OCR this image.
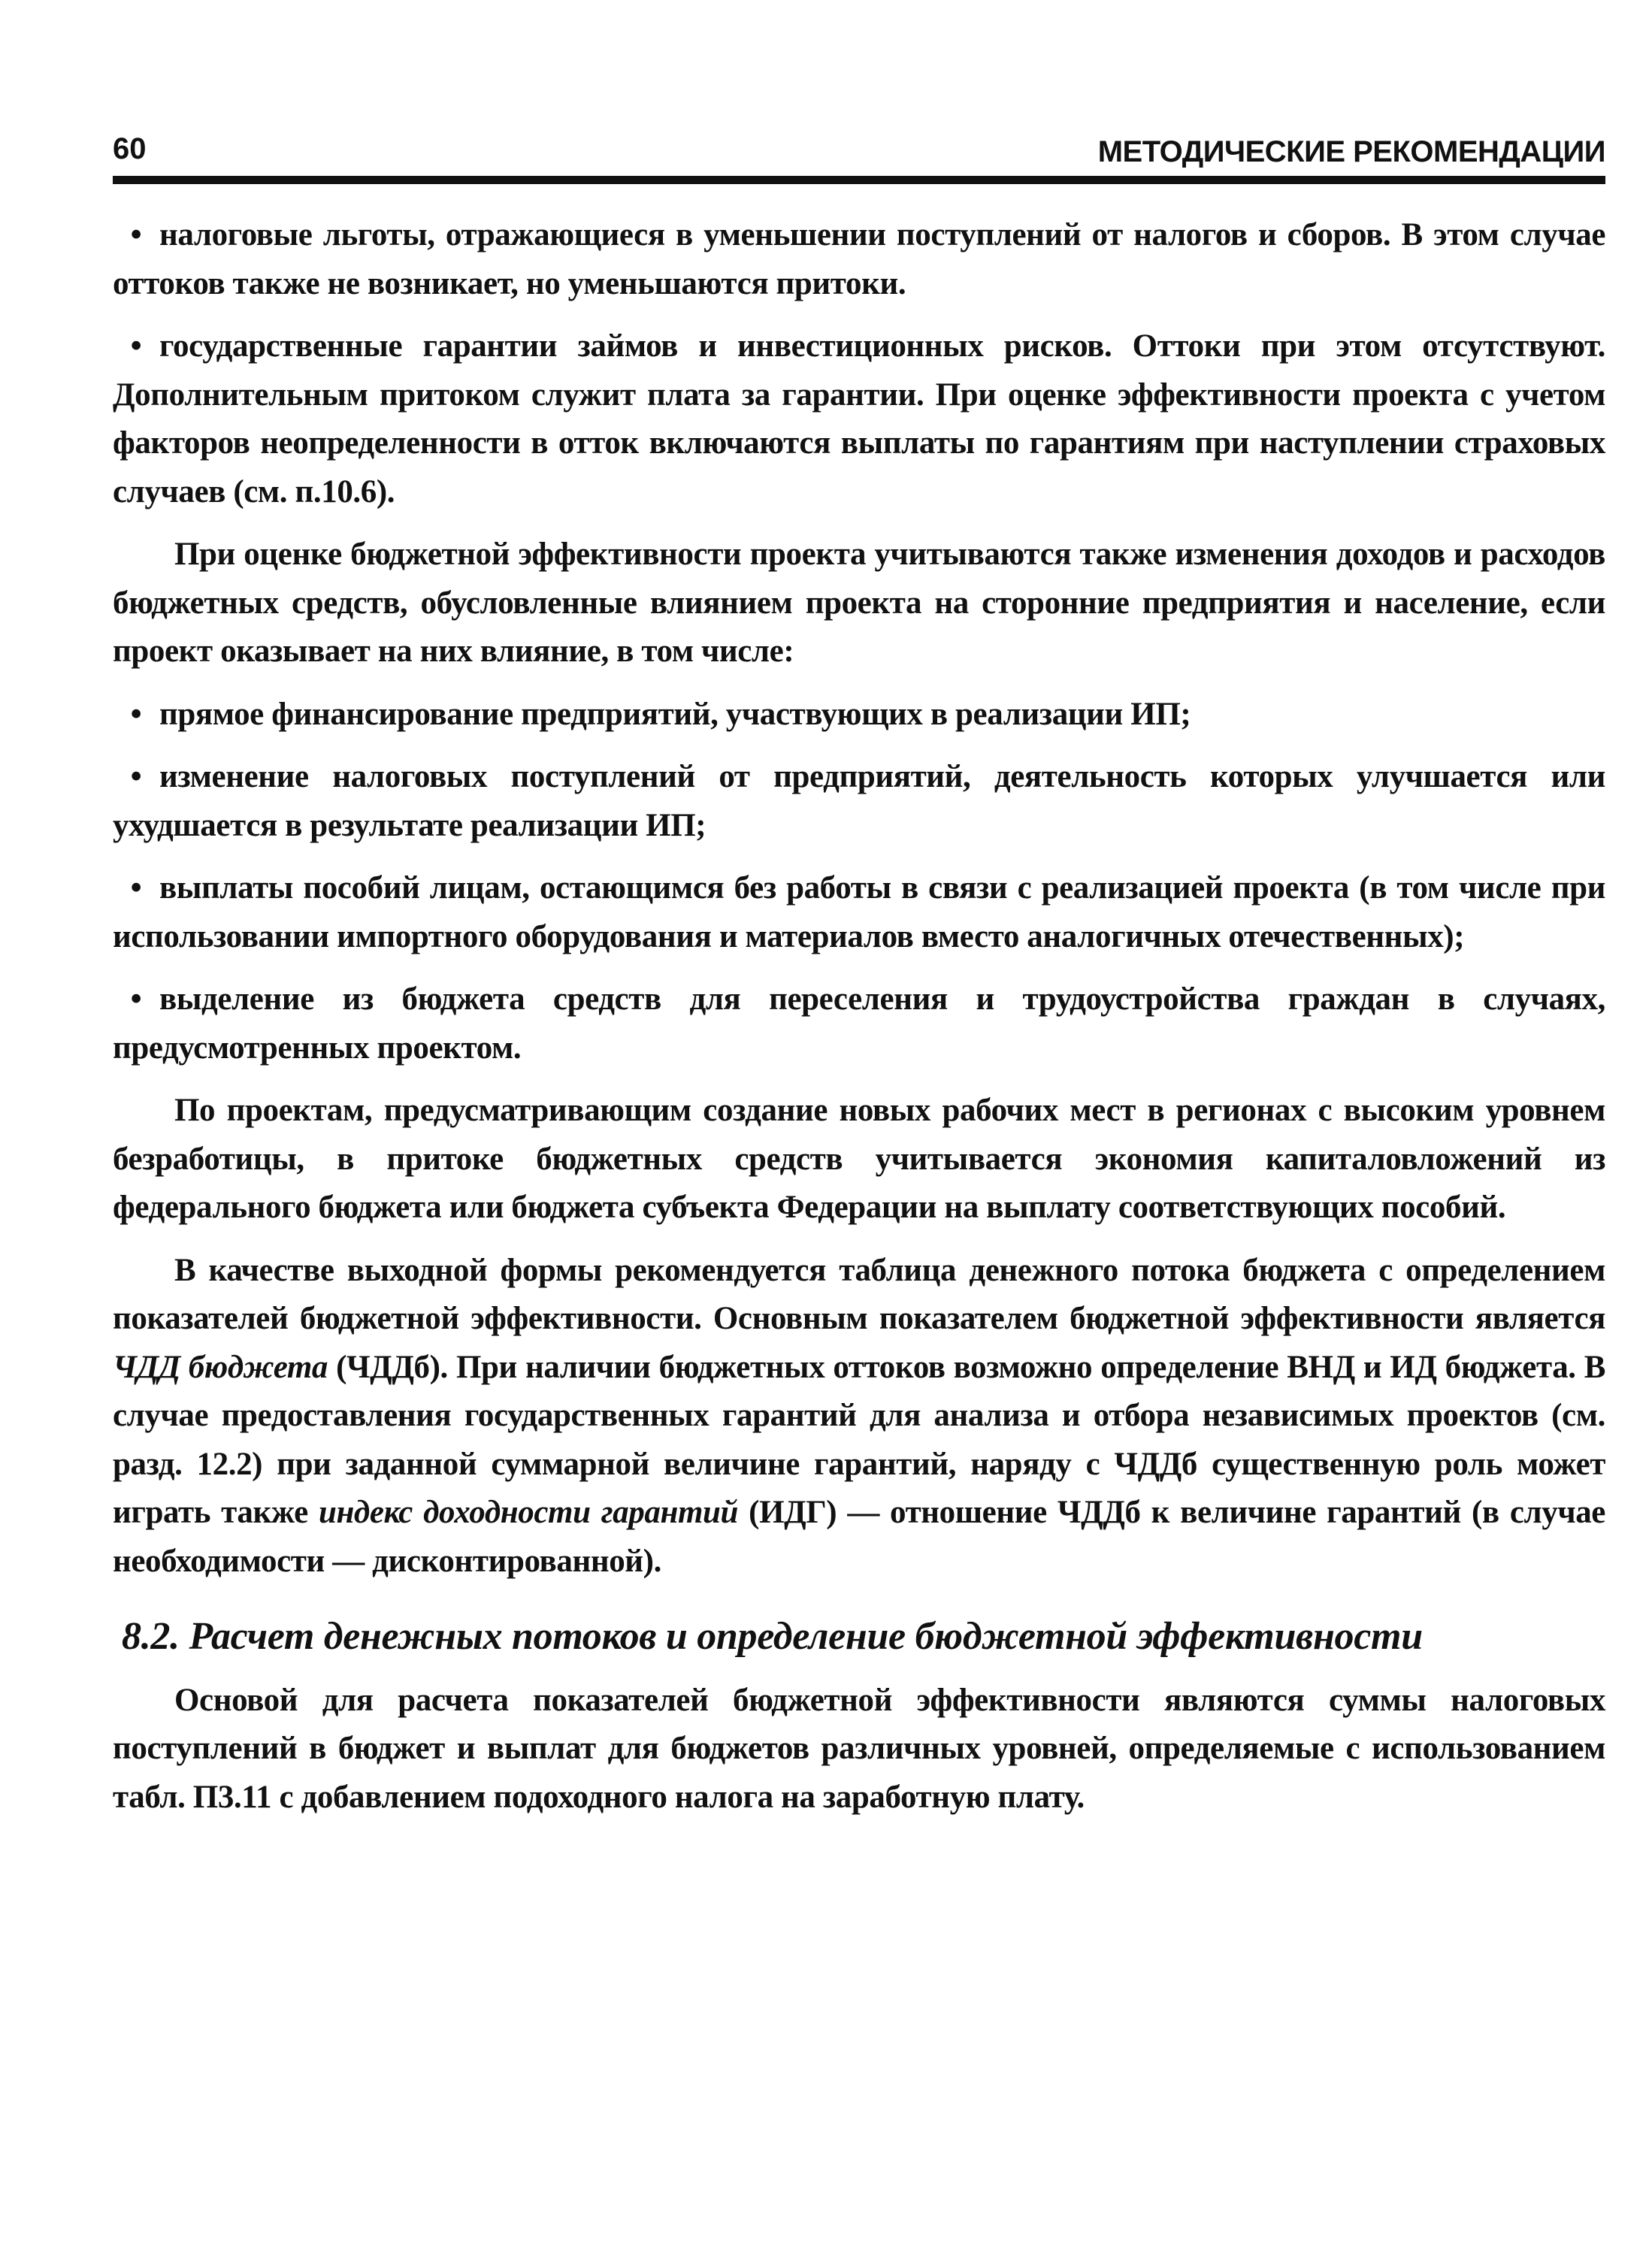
60	МЕТОДИЧЕСКИЕ РЕКОМЕНДАЦИИ

• налоговые льготы, отражающиеся в уменьшении поступлений от налогов и сборов. В этом случае оттоков также не возникает, но уменьшаются притоки.

• государственные гарантии займов и инвестиционных рисков. Оттоки при этом отсутствуют. Дополнительным притоком служит плата за гарантии. При оценке эффективности проекта с учетом факторов неопределенности в отток включаются выплаты по гарантиям при наступлении страховых случаев (см. п.10.6).

При оценке бюджетной эффективности проекта учитываются также изменения доходов и расходов бюджетных средств, обусловленные влиянием проекта на сторонние предприятия и население, если проект оказывает на них влияние, в том числе:

• прямое финансирование предприятий, участвующих в реализации ИП;

• изменение налоговых поступлений от предприятий, деятельность которых улучшается или ухудшается в результате реализации ИП;

• выплаты пособий лицам, остающимся без работы в связи с реализацией проекта (в том числе при использовании импортного оборудования и материалов вместо аналогичных отечественных);

• выделение из бюджета средств для переселения и трудоустройства граждан в случаях, предусмотренных проектом.

По проектам, предусматривающим создание новых рабочих мест в регионах с высоким уровнем безработицы, в притоке бюджетных средств учитывается экономия капиталовложений из федерального бюджета или бюджета субъекта Федерации на выплату соответствующих пособий.

В качестве выходной формы рекомендуется таблица денежного потока бюджета с определением показателей бюджетной эффективности. Основным показателем бюджетной эффективности является ЧДД бюджета (ЧДДб). При наличии бюджетных оттоков возможно определение ВНД и ИД бюджета. В случае предоставления государственных гарантий для анализа и отбора независимых проектов (см. разд. 12.2) при заданной суммарной величине гарантий, наряду с ЧДДб существенную роль может играть также индекс доходности гарантий (ИДГ) — отношение ЧДДб к величине гарантий (в случае необходимости — дисконтированной).

8.2. Расчет денежных потоков и определение бюджетной эффективности

Основой для расчета показателей бюджетной эффективности являются суммы налоговых поступлений в бюджет и выплат для бюджетов различных уровней, определяемые с использованием табл. П3.11 с добавлением подоходного налога на заработную плату.
